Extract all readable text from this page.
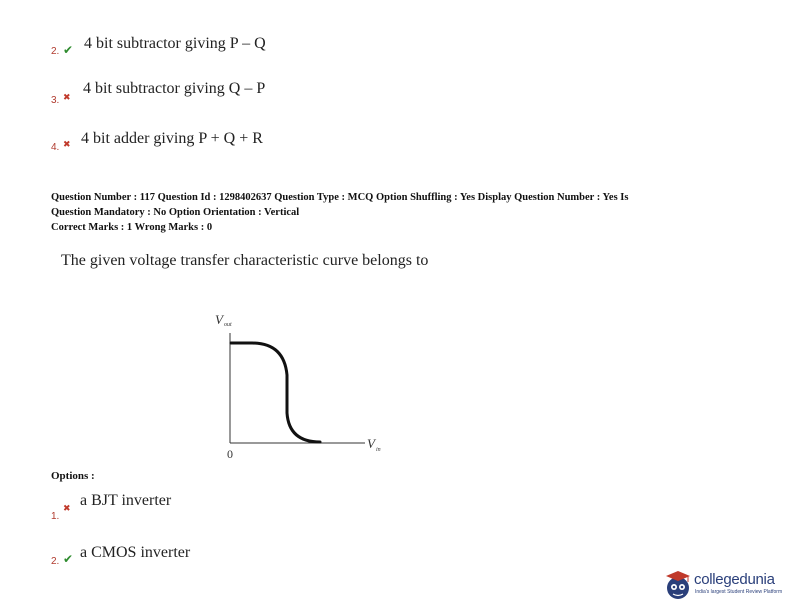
2. ✔ 4 bit subtractor giving P – Q
3. ✖
4 bit subtractor giving Q – P
4. ✖ 4 bit adder giving P + Q + R
Question Number : 117 Question Id : 1298402637 Question Type : MCQ Option Shuffling : Yes Display Question Number : Yes Is
Question Mandatory : No Option Orientation : Vertical
Correct Marks : 1 Wrong Marks : 0
The given voltage transfer characteristic curve belongs to
V out
V in
0
Options :
1.
✖ a BJT inverter
2. ✔ a CMOS inverter
collegedunia
India's largest Student Review Platform
